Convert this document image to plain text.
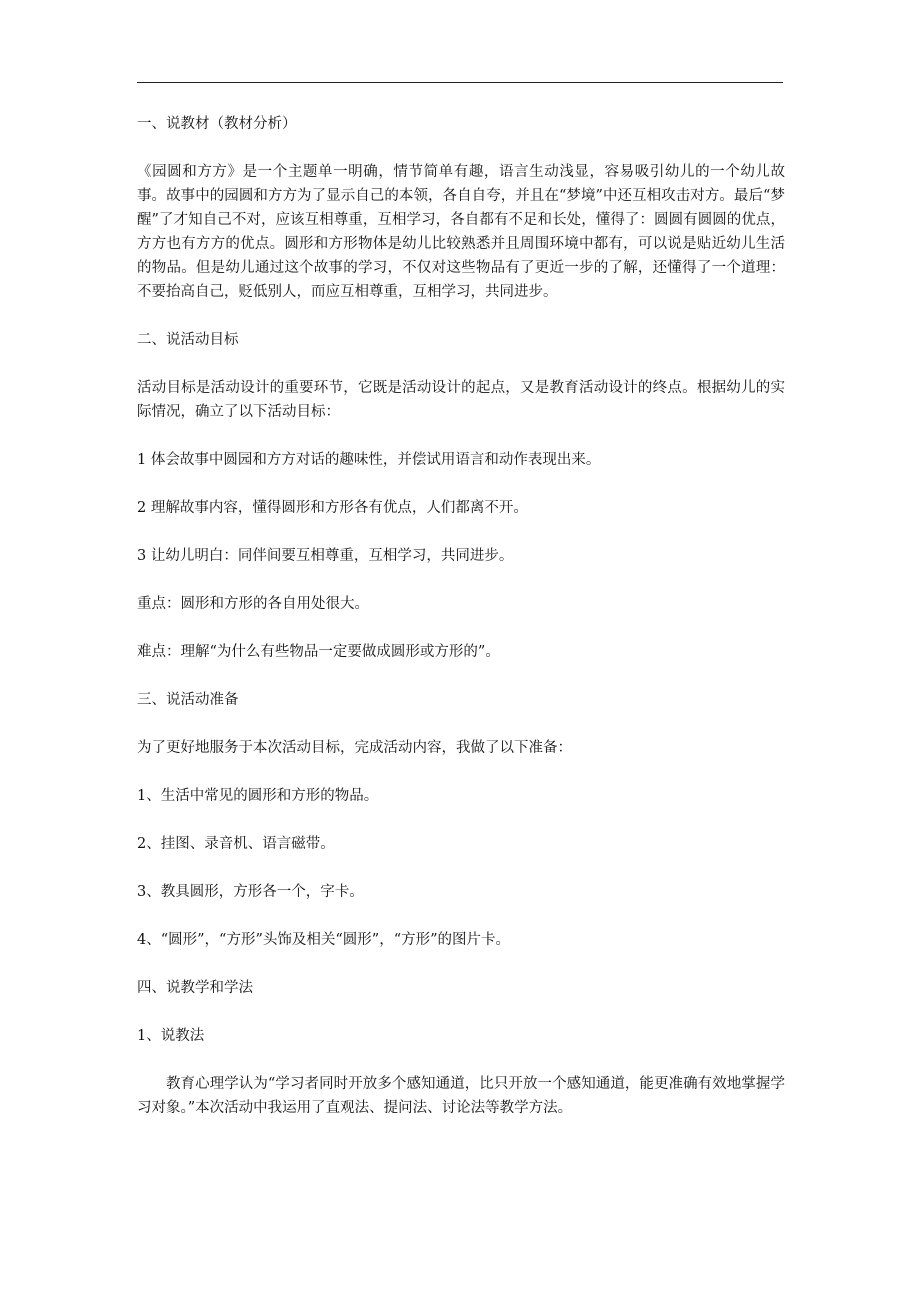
一、说教材（教材分析）

《园圆和方方》是一个主题单一明确，情节简单有趣，语言生动浅显，容易吸引幼儿的一个幼儿故事。故事中的园圆和方方为了显示自己的本领，各自自夸，并且在“梦境”中还互相攻击对方。最后“梦醒”了才知自己不对，应该互相尊重，互相学习，各自都有不足和长处，懂得了：圆圆有圆圆的优点，方方也有方方的优点。圆形和方形物体是幼儿比较熟悉并且周围环境中都有，可以说是贴近幼儿生活的物品。但是幼儿通过这个故事的学习，不仅对这些物品有了更近一步的了解，还懂得了一个道理：不要抬高自己，贬低别人，而应互相尊重，互相学习，共同进步。

二、说活动目标

活动目标是活动设计的重要环节，它既是活动设计的起点，又是教育活动设计的终点。根据幼儿的实际情况，确立了以下活动目标：

1 体会故事中圆园和方方对话的趣味性，并偿试用语言和动作表现出来。

2 理解故事内容，懂得圆形和方形各有优点，人们都离不开。

3 让幼儿明白：同伴间要互相尊重，互相学习，共同进步。

重点：圆形和方形的各自用处很大。

难点：理解“为什么有些物品一定要做成圆形或方形的”。

三、说活动准备

为了更好地服务于本次活动目标，完成活动内容，我做了以下准备：

1、生活中常见的圆形和方形的物品。

2、挂图、录音机、语言磁带。

3、教具圆形，方形各一个，字卡。

4、“圆形”，“方形”头饰及相关“圆形”，“方形”的图片卡。

四、说教学和学法

1、说教法

教育心理学认为“学习者同时开放多个感知通道，比只开放一个感知通道，能更准确有效地掌握学习对象。”本次活动中我运用了直观法、提问法、讨论法等教学方法。
